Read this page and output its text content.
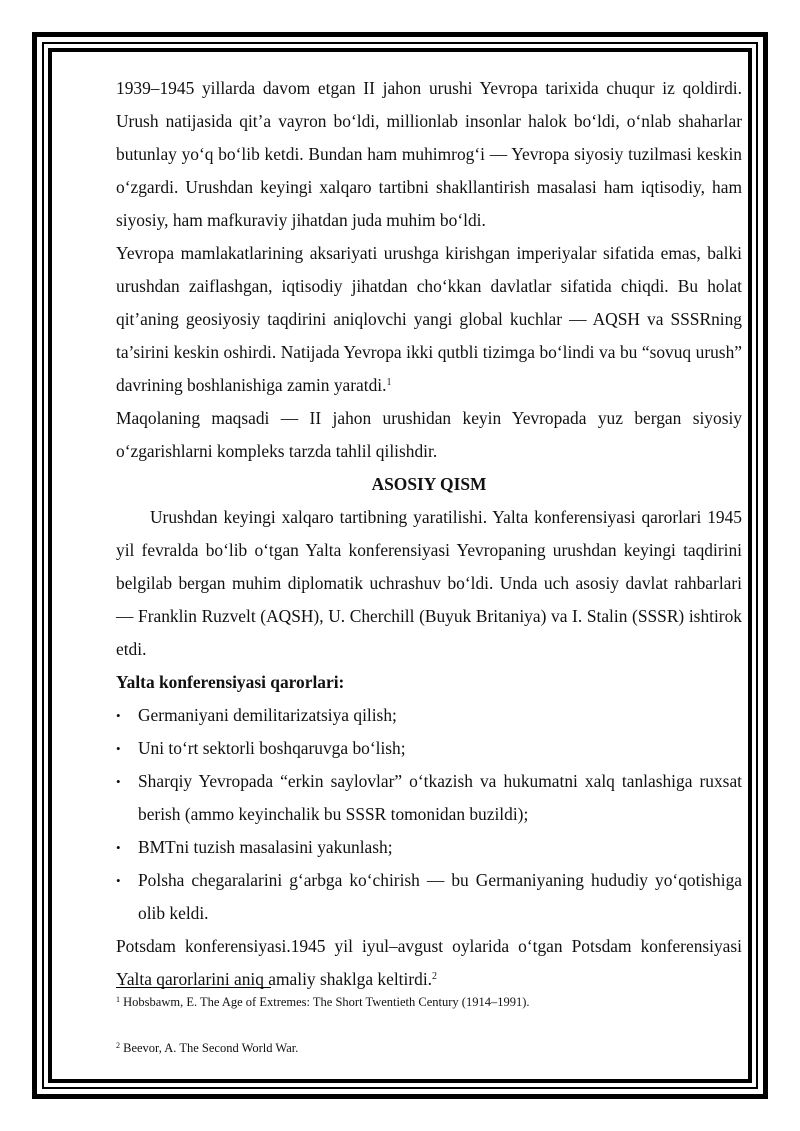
1939–1945 yillarda davom etgan II jahon urushi Yevropa tarixida chuqur iz qoldirdi. Urush natijasida qit’a vayron bo‘ldi, millionlab insonlar halok bo‘ldi, o‘nlab shaharlar butunlay yo‘q bo‘lib ketdi. Bundan ham muhimrog‘i — Yevropa siyosiy tuzilmasi keskin o‘zgardi. Urushdan keyingi xalqaro tartibni shakllantirish masalasi ham iqtisodiy, ham siyosiy, ham mafkuraviy jihatdan juda muhim bo‘ldi.

Yevropa mamlakatlarining aksariyati urushga kirishgan imperiyalar sifatida emas, balki urushdan zaiflashgan, iqtisodiy jihatdan cho‘kkan davlatlar sifatida chiqdi. Bu holat qit’aning geosiyosiy taqdirini aniqlovchi yangi global kuchlar — AQSH va SSSRning ta’sirini keskin oshirdi. Natijada Yevropa ikki qutbli tizimga bo‘lindi va bu “sovuq urush” davrining boshlanishiga zamin yaratdi.$^1$

Maqolaning maqsadi — II jahon urushidan keyin Yevropada yuz bergan siyosiy o‘zgarishlarni kompleks tarzda tahlil qilishdir.

ASOSIY QISM

Urushdan keyingi xalqaro tartibning yaratilishi. Yalta konferensiyasi qarorlari 1945 yil fevralda bo‘lib o‘tgan Yalta konferensiyasi Yevropaning urushdan keyingi taqdirini belgilab bergan muhim diplomatik uchrashuv bo‘ldi. Unda uch asosiy davlat rahbarlari — Franklin Ruzvelt (AQSH), U. Cherchill (Buyuk Britaniya) va I. Stalin (SSSR) ishtirok etdi.

Yalta konferensiyasi qarorlari:

• Germaniyani demilitarizatsiya qilish;
• Uni to‘rt sektorli boshqaruvga bo‘lish;
• Sharqiy Yevropada “erkin saylovlar” o‘tkazish va hukumatni xalq tanlashiga ruxsat berish (ammo keyinchalik bu SSSR tomonidan buzildi);
• BMTni tuzish masalasini yakunlash;
• Polsha chegaralarini g‘arbga ko‘chirish — bu Germaniyaning hududiy yo‘qotishiga olib keldi.

Potsdam konferensiyasi.1945 yil iyul–avgust oylarida o‘tgan Potsdam konferensiyasi Yalta qarorlarini aniq amaliy shaklga keltirdi.$^2$

$^1$ Hobsbawm, E. The Age of Extremes: The Short Twentieth Century (1914–1991).
$^2$ Beevor, A. The Second World War.
